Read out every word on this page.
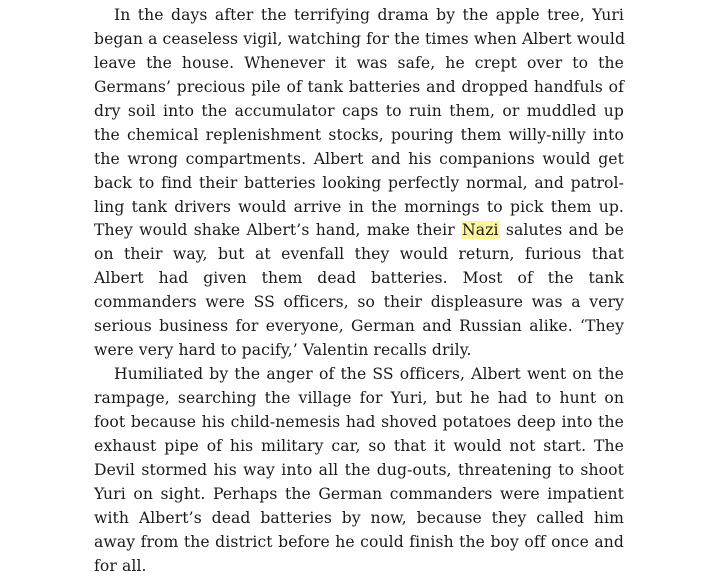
In the days after the terrifying drama by the apple tree, Yuri
began a ceaseless vigil, watching for the times when Albert would
leave the house. Whenever it was safe, he crept over to the
Germans’ precious pile of tank batteries and dropped handfuls of
dry soil into the accumulator caps to ruin them, or muddled up
the chemical replenishment stocks, pouring them willy-nilly into
the wrong compartments. Albert and his companions would get
back to find their batteries looking perfectly normal, and patrol-
ling tank drivers would arrive in the mornings to pick them up.
They would shake Albert’s hand, make their Nazi salutes and be
on their way, but at evenfall they would return, furious that
Albert had given them dead batteries. Most of the tank
commanders were SS officers, so their displeasure was a very
serious business for everyone, German and Russian alike. ‘They
were very hard to pacify,’ Valentin recalls drily.
Humiliated by the anger of the SS officers, Albert went on the
rampage, searching the village for Yuri, but he had to hunt on
foot because his child-nemesis had shoved potatoes deep into the
exhaust pipe of his military car, so that it would not start. The
Devil stormed his way into all the dug-outs, threatening to shoot
Yuri on sight. Perhaps the German commanders were impatient
with Albert’s dead batteries by now, because they called him
away from the district before he could finish the boy off once and
for all.
